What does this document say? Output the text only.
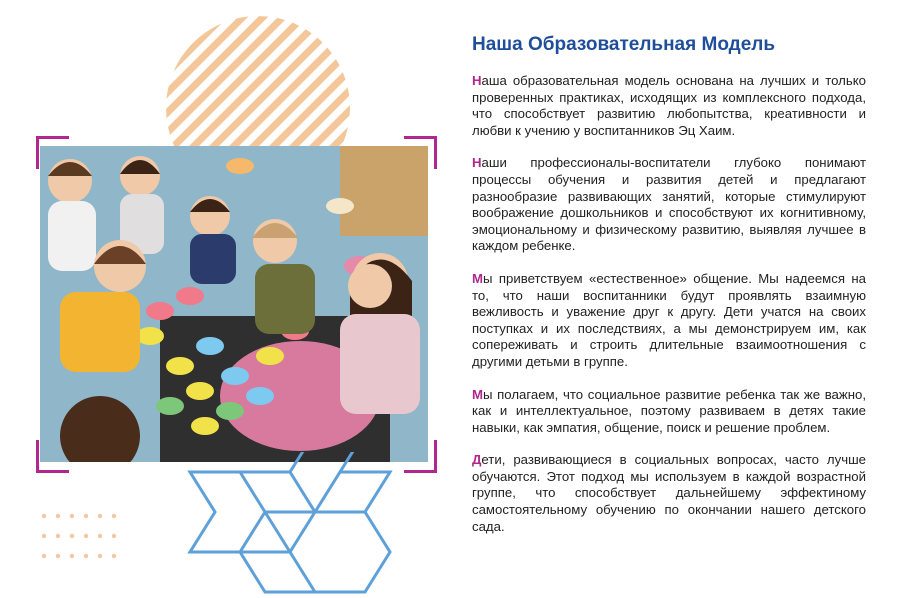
Наша Образовательная Модель

Наша образовательная модель основана на лучших и только проверенных практиках, исходящих из комплексного подхода, что способствует развитию любопытства, креативности и любви к учению у воспитанников Эц Хаим.

Наши профессионалы-воспитатели глубоко понимают процессы обучения и развития детей и предлагают разнообразие развивающих занятий, которые стимулируют воображение дошкольников и способствуют их когнитивному, эмоциональному и физическому развитию, выявляя лучшее в каждом ребенке.

Мы приветствуем «естественное» общение. Мы надеемся на то, что наши воспитанники будут проявлять взаимную вежливость и уважение друг к другу. Дети учатся на своих поступках и их последствиях, а мы демонстрируем им, как сопереживать и строить длительные взаимоотношения с другими детьми в группе.

Мы полагаем, что социальное развитие ребенка так же важно, как и интеллектуальное, поэтому развиваем в детях такие навыки, как эмпатия, общение, поиск и решение проблем.

Дети, развивающиеся в социальных вопросах, часто лучше обучаются. Этот подход мы используем в каждой возрастной группе, что способствует дальнейшему эффектиному самостоятельному обучению по окончании нашего детского сада.
